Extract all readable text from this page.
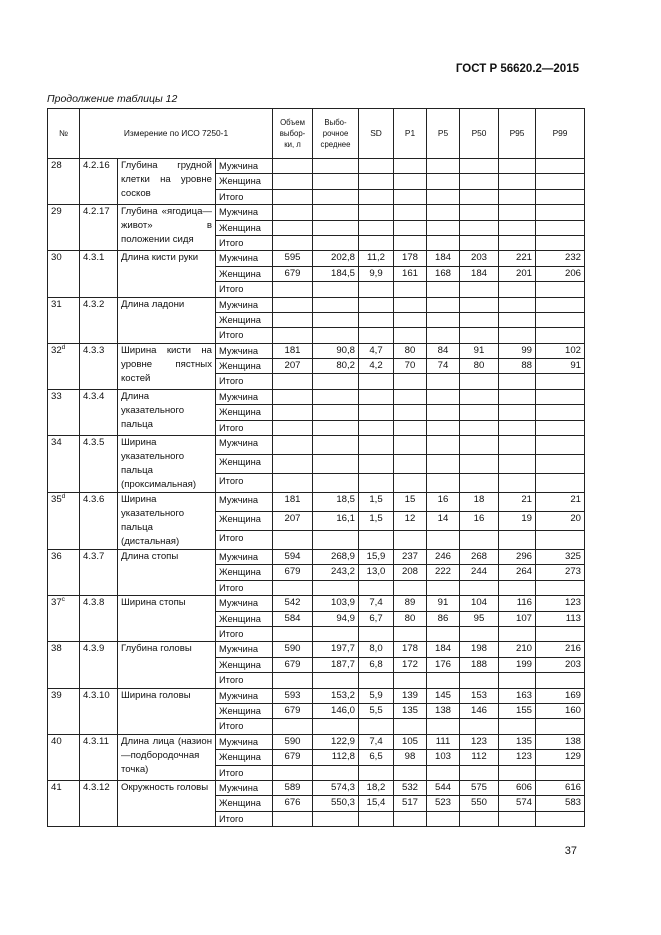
ГОСТ Р 56620.2—2015
Продолжение таблицы 12
№	Измерение по ИСО 7250-1			Объем выбор-ки, л	Выбо-рочное среднее	SD	P1	P5	P50	P95	P99
28	4.2.16	Глубина грудной клетки на уровне сосков	Мужчина								
			Женщина								
			Итого								
29	4.2.17	Глубина «ягодица—живот» в положении сидя	Мужчина								
			Женщина								
			Итого								
30	4.3.1	Длина кисти руки	Мужчина	595	202,8	11,2	178	184	203	221	232
			Женщина	679	184,5	9,9	161	168	184	201	206
			Итого								
31	4.3.2	Длина ладони	Мужчина								
			Женщина								
			Итого								
32$^d$	4.3.3	Ширина кисти на уровне пястных костей	Мужчина	181	90,8	4,7	80	84	91	99	102
			Женщина	207	80,2	4,2	70	74	80	88	91
			Итого								
33	4.3.4	Длина указательного пальца	Мужчина								
			Женщина								
			Итого								
34	4.3.5	Ширина указательного пальца (проксимальная)	Мужчина								
			Женщина								
			Итого								
35$^d$	4.3.6	Ширина указательного пальца (дистальная)	Мужчина	181	18,5	1,5	15	16	18	21	21
			Женщина	207	16,1	1,5	12	14	16	19	20
			Итого								
36	4.3.7	Длина стопы	Мужчина	594	268,9	15,9	237	246	268	296	325
			Женщина	679	243,2	13,0	208	222	244	264	273
			Итого								
37$^c$	4.3.8	Ширина стопы	Мужчина	542	103,9	7,4	89	91	104	116	123
			Женщина	584	94,9	6,7	80	86	95	107	113
			Итого								
38	4.3.9	Глубина головы	Мужчина	590	197,7	8,0	178	184	198	210	216
			Женщина	679	187,7	6,8	172	176	188	199	203
			Итого								
39	4.3.10	Ширина головы	Мужчина	593	153,2	5,9	139	145	153	163	169
			Женщина	679	146,0	5,5	135	138	146	155	160
			Итого								
40	4.3.11	Длина лица (назион—подбородочная точка)	Мужчина	590	122,9	7,4	105	111	123	135	138
			Женщина	679	112,8	6,5	98	103	112	123	129
			Итого								
41	4.3.12	Окружность головы	Мужчина	589	574,3	18,2	532	544	575	606	616
			Женщина	676	550,3	15,4	517	523	550	574	583
			Итого								
37
